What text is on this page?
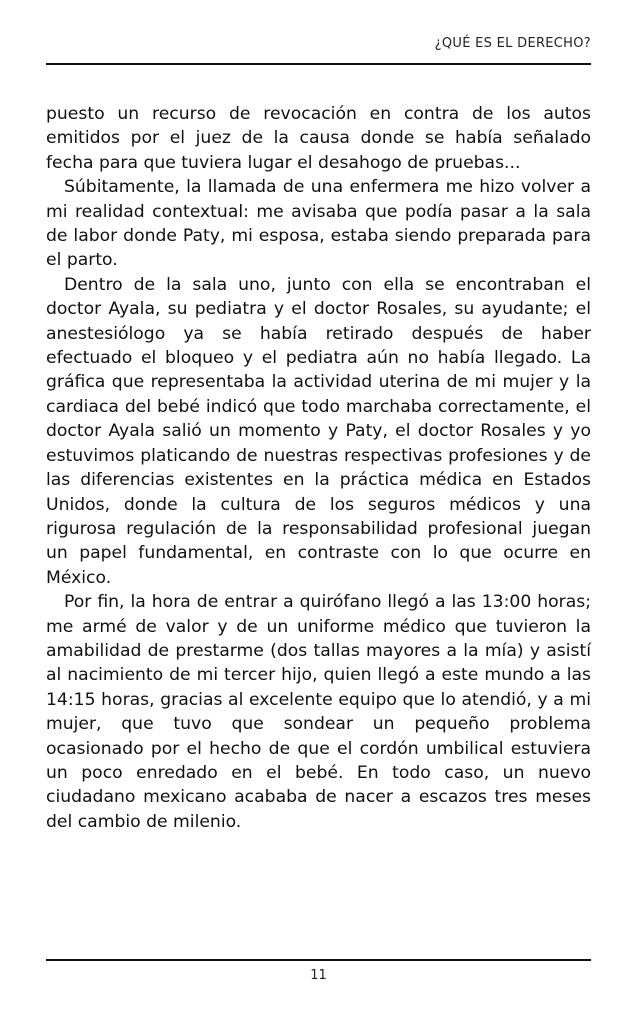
¿QUÉ ES EL DERECHO?

puesto un recurso de revocación en contra de los autos emitidos por el juez de la causa donde se había señalado fecha para que tuviera lugar el desahogo de pruebas...

Súbitamente, la llamada de una enfermera me hizo volver a mi realidad contextual: me avisaba que podía pasar a la sala de labor donde Paty, mi esposa, estaba siendo preparada para el parto.

Dentro de la sala uno, junto con ella se encontraban el doctor Ayala, su pediatra y el doctor Rosales, su ayudante; el anestesiólogo ya se había retirado después de haber efectuado el bloqueo y el pediatra aún no había llegado. La gráfica que representaba la actividad uterina de mi mujer y la cardiaca del bebé indicó que todo marchaba correctamente, el doctor Ayala salió un momento y Paty, el doctor Rosales y yo estuvimos platicando de nuestras respectivas profesiones y de las diferencias existentes en la práctica médica en Estados Unidos, donde la cultura de los seguros médicos y una rigurosa regulación de la responsabilidad profesional juegan un papel fundamental, en contraste con lo que ocurre en México.

Por fin, la hora de entrar a quirófano llegó a las 13:00 horas; me armé de valor y de un uniforme médico que tuvieron la amabilidad de prestarme (dos tallas mayores a la mía) y asistí al nacimiento de mi tercer hijo, quien llegó a este mundo a las 14:15 horas, gracias al excelente equipo que lo atendió, y a mi mujer, que tuvo que sondear un pequeño problema ocasionado por el hecho de que el cordón umbilical estuviera un poco enredado en el bebé. En todo caso, un nuevo ciudadano mexicano acababa de nacer a escazos tres meses del cambio de milenio.

11
